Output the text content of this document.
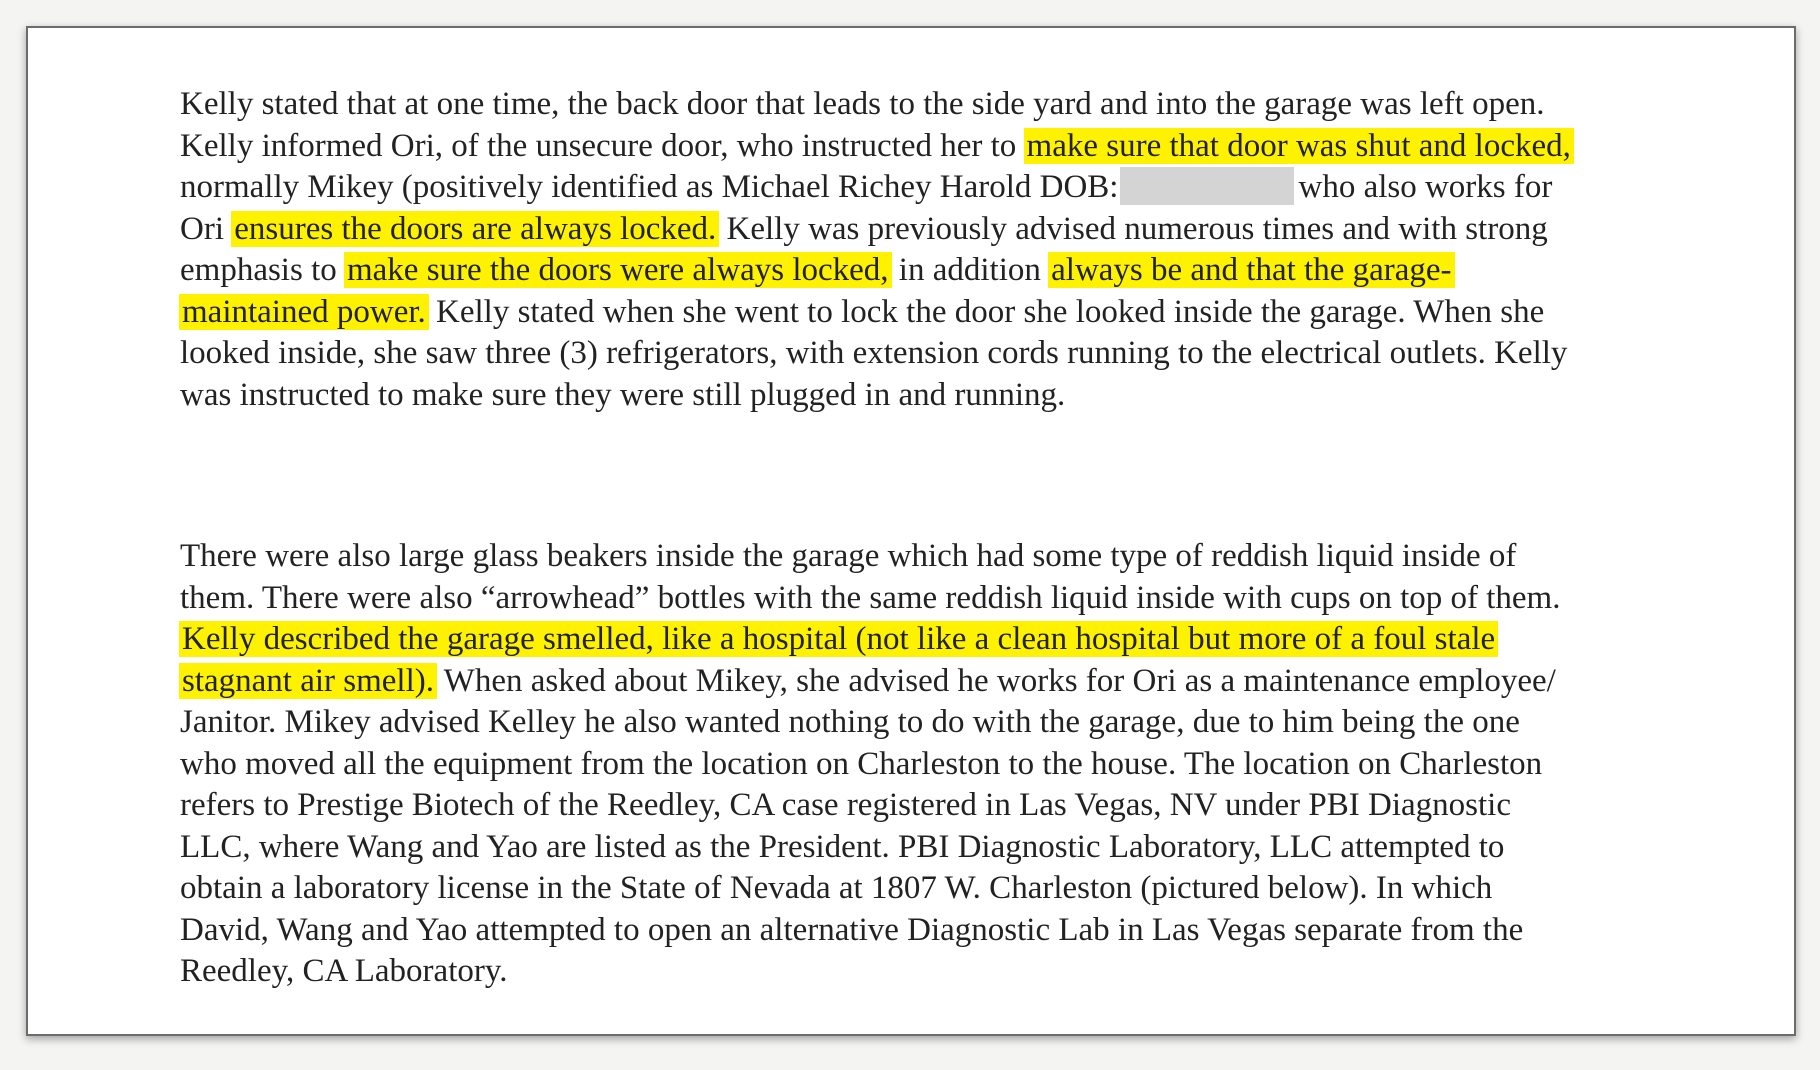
Kelly stated that at one time, the back door that leads to the side yard and into the garage was left open.
Kelly informed Ori, of the unsecure door, who instructed her to make sure that door was shut and locked,
normally Mikey (positively identified as Michael Richey Harold DOB:	who also works for
Ori ensures the doors are always locked. Kelly was previously advised numerous times and with strong
emphasis to make sure the doors were always locked, in addition always be and that the garage-
maintained power. Kelly stated when she went to lock the door she looked inside the garage. When she
looked inside, she saw three (3) refrigerators, with extension cords running to the electrical outlets. Kelly
was instructed to make sure they were still plugged in and running.
There were also large glass beakers inside the garage which had some type of reddish liquid inside of
them. There were also “arrowhead” bottles with the same reddish liquid inside with cups on top of them.
Kelly described the garage smelled, like a hospital (not like a clean hospital but more of a foul stale
stagnant air smell). When asked about Mikey, she advised he works for Ori as a maintenance employee/
Janitor. Mikey advised Kelley he also wanted nothing to do with the garage, due to him being the one
who moved all the equipment from the location on Charleston to the house. The location on Charleston
refers to Prestige Biotech of the Reedley, CA case registered in Las Vegas, NV under PBI Diagnostic
LLC, where Wang and Yao are listed as the President. PBI Diagnostic Laboratory, LLC attempted to
obtain a laboratory license in the State of Nevada at 1807 W. Charleston (pictured below). In which
David, Wang and Yao attempted to open an alternative Diagnostic Lab in Las Vegas separate from the
Reedley, CA Laboratory.
